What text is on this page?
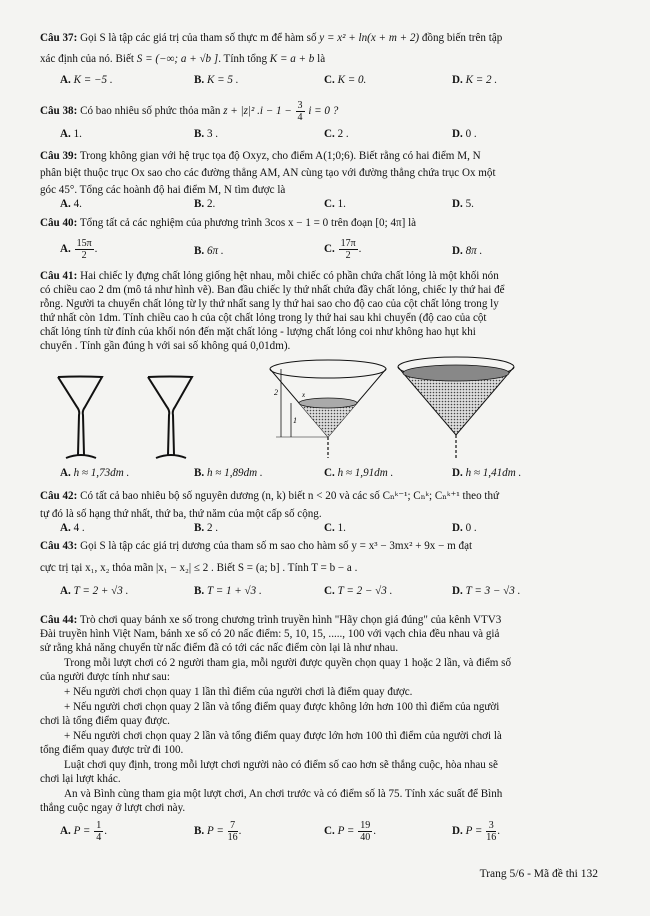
Câu 37: Gọi S là tập các giá trị của tham số thực m để hàm số y = x² + ln(x + m + 2) đồng biến trên tập
xác định của nó. Biết S = (−∞; a + √b ]. Tính tổng K = a + b là
A. K = −5 .	B. K = 5 .	C. K = 0.	D. K = 2 .
Câu 38: Có bao nhiêu số phức thỏa mãn z + |z|² $.i - 1 - \frac{3}{4}$ i = 0 ?
A. 1.	B. 3 .	C. 2 .	D. 0 .
Câu 39: Trong không gian với hệ trục tọa độ Oxyz, cho điểm A(1;0;6). Biết rằng có hai điểm M, N
phân biệt thuộc trục Ox sao cho các đường thẳng AM, AN cùng tạo với đường thẳng chứa trục Ox một
góc 45°. Tổng các hoành độ hai điểm M, N tìm được là
A. 4.	B. 2.	C. 1.	D. 5.
Câu 40: Tổng tất cả các nghiệm của phương trình 3cos x − 1 = 0 trên đoạn [0; 4π] là
A. $\frac{15\pi}{2}$ .	B. 6π .	C. $\frac{17\pi}{2}$ .	D. 8π .
Câu 41: Hai chiếc ly đựng chất lỏng giống hệt nhau, mỗi chiếc có phần chứa chất lỏng là một khối nón
có chiều cao 2 dm (mô tả như hình vẽ). Ban đầu chiếc ly thứ nhất chứa đầy chất lỏng, chiếc ly thứ hai để
rỗng. Người ta chuyển chất lỏng từ ly thứ nhất sang ly thứ hai sao cho độ cao của cột chất lỏng trong ly
thứ nhất còn 1dm. Tính chiều cao h của cột chất lỏng trong ly thứ hai sau khi chuyển (độ cao của cột
chất lỏng tính từ đỉnh của khối nón đến mặt chất lỏng - lượng chất lỏng coi như không hao hụt khi
chuyển . Tính gần đúng h với sai số không quá 0,01dm).
2
1
x
A. h ≈ 1,73dm .	B. h ≈ 1,89dm .	C. h ≈ 1,91dm .	D. h ≈ 1,41dm .
Câu 42: Có tất cả bao nhiêu bộ số nguyên dương (n, k) biết n < 20 và các số Cₙᵏ⁻¹; Cₙᵏ; Cₙᵏ⁺¹ theo thứ
tự đó là số hạng thứ nhất, thứ ba, thứ năm của một cấp số cộng.
A. 4 .	B. 2 .	C. 1.	D. 0 .
Câu 43: Gọi S là tập các giá trị dương của tham số m sao cho hàm số y = x³ − 3mx² + 9x − m đạt
cực trị tại x₁, x₂ thỏa mãn |x₁ − x₂| ≤ 2 . Biết S = (a; b] . Tính T = b − a .
A. T = 2 + √3 .	B. T = 1 + √3 .	C. T = 2 − √3 .	D. T = 3 − √3 .
Câu 44: Trò chơi quay bánh xe số trong chương trình truyền hình "Hãy chọn giá đúng" của kênh VTV3
Đài truyền hình Việt Nam, bánh xe số có 20 nấc điểm: 5, 10, 15, ....., 100 với vạch chia đều nhau và giả
sử rằng khả năng chuyển từ nấc điểm đã có tới các nấc điểm còn lại là như nhau.
Trong mỗi lượt chơi có 2 người tham gia, mỗi người được quyền chọn quay 1 hoặc 2 lần, và điểm số
của người được tính như sau:
+ Nếu người chơi chọn quay 1 lần thì điểm của người chơi là điểm quay được.
+ Nếu người chơi chọn quay 2 lần và tổng điểm quay được không lớn hơn 100 thì điểm của người
chơi là tổng điểm quay được.
+ Nếu người chơi chọn quay 2 lần và tổng điểm quay được lớn hơn 100 thì điểm của người chơi là
tổng điểm quay được trừ đi 100.
Luật chơi quy định, trong mỗi lượt chơi người nào có điểm số cao hơn sẽ thắng cuộc, hòa nhau sẽ
chơi lại lượt khác.
An và Bình cùng tham gia một lượt chơi, An chơi trước và có điểm số là 75. Tính xác suất để Bình
thắng cuộc ngay ở lượt chơi này.
A. $P = \frac{1}{4}$ .	B. $P = \frac{7}{16}$ .	C. $P = \frac{19}{40}$ .	D. $P = \frac{3}{16}$ .
Trang 5/6 - Mã đề thi 132
